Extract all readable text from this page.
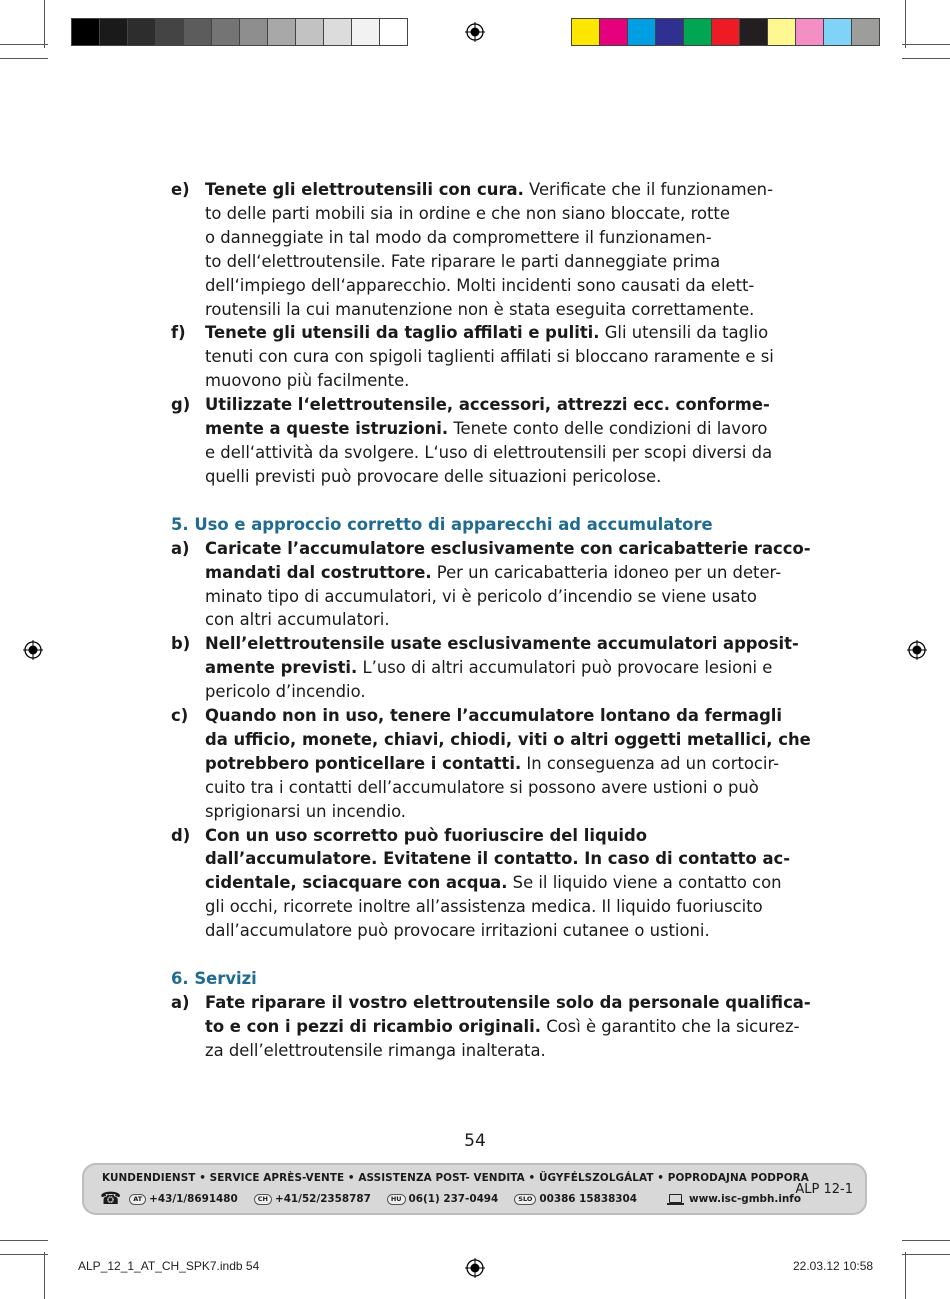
e) Tenete gli elettroutensili con cura. Verificate che il funzionamen-
to delle parti mobili sia in ordine e che non siano bloccate, rotte
o danneggiate in tal modo da compromettere il funzionamen-
to dell‘elettroutensile. Fate riparare le parti danneggiate prima
dell‘impiego dell‘apparecchio. Molti incidenti sono causati da elett-
routensili la cui manutenzione non è stata eseguita correttamente.
f)	Tenete gli utensili da taglio affilati e puliti. Gli utensili da taglio
tenuti con cura con spigoli taglienti affilati si bloccano raramente e si
muovono più facilmente.
g) Utilizzate l‘elettroutensile, accessori, attrezzi ecc. conforme-
mente a queste istruzioni. Tenete conto delle condizioni di lavoro
e dell‘attività da svolgere. L‘uso di elettroutensili per scopi diversi da
quelli previsti può provocare delle situazioni pericolose.
5. Uso e approccio corretto di apparecchi ad accumulatore
a) Caricate l’accumulatore esclusivamente con caricabatterie racco-
mandati dal costruttore. Per un caricabatteria idoneo per un deter-
minato tipo di accumulatori, vi è pericolo d’incendio se viene usato
con altri accumulatori.
b) Nell’elettroutensile usate esclusivamente accumulatori apposit-
amente previsti. L’uso di altri accumulatori può provocare lesioni e
pericolo d’incendio.
c)	Quando non in uso, tenere l’accumulatore lontano da fermagli
da ufficio, monete, chiavi, chiodi, viti o altri oggetti metallici, che
potrebbero ponticellare i contatti. In conseguenza ad un cortocir-
cuito tra i contatti dell’accumulatore si possono avere ustioni o può
sprigionarsi un incendio.
d) Con un uso scorretto può fuoriuscire del liquido
dall’accumulatore. Evitatene il contatto. In caso di contatto ac-
cidentale, sciacquare con acqua. Se il liquido viene a contatto con
gli occhi, ricorrete inoltre all’assistenza medica. Il liquido fuoriuscito
dall’accumulatore può provocare irritazioni cutanee o ustioni.
6. Servizi
a) Fate riparare il vostro elettroutensile solo da personale qualifica-
to e con i pezzi di ricambio originali. Così è garantito che la sicurez-
za dell’elettroutensile rimanga inalterata.
54
KUNDENDIENST • SERVICE APRÈS-VENTE • ASSISTENZA POST- VENDITA • ÜGYFÉLSZOLGÁLAT • POPRODAJNA PODPORA
☎	AT +43/1/8691480	CH +41/52/2358787	HU 06(1) 237-0494	SLO 00386 15838304	www.isc-gmbh.info
ALP 12-1
ALP_12_1_AT_CH_SPK7.indb 54	22.03.12 10:58
